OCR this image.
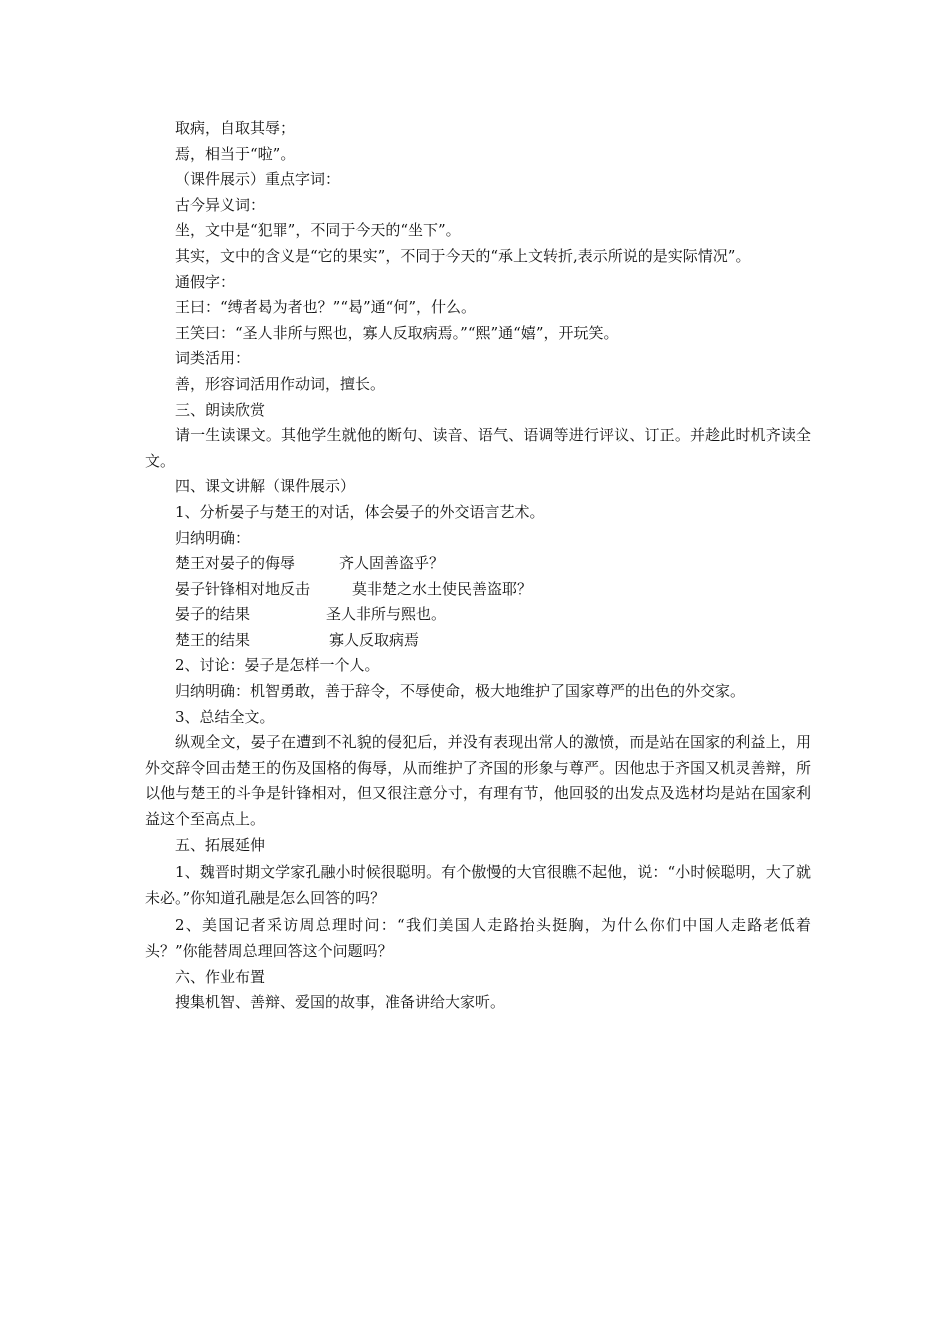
取病，自取其辱；

焉，相当于“啦”。

（课件展示）重点字词：

古今异义词：

坐，文中是“犯罪”，不同于今天的“坐下”。

其实，文中的含义是“它的果实”，不同于今天的“承上文转折,表示所说的是实际情况”。

通假字：

王曰：“缚者曷为者也？”“曷”通“何”，什么。

王笑曰：“圣人非所与熙也，寡人反取病焉。”“熙”通“嬉”，开玩笑。

词类活用：

善，形容词活用作动词，擅长。

三、朗读欣赏

请一生读课文。其他学生就他的断句、读音、语气、语调等进行评议、订正。并趁此时机齐读全文。

四、课文讲解（课件展示）

1、分析晏子与楚王的对话，体会晏子的外交语言艺术。

归纳明确：

楚王对晏子的侮辱	齐人固善盗乎？
晏子针锋相对地反击	莫非楚之水土使民善盗耶？
晏子的结果	圣人非所与熙也。
楚王的结果	寡人反取病焉

2、讨论：晏子是怎样一个人。

归纳明确：机智勇敢，善于辞令，不辱使命，极大地维护了国家尊严的出色的外交家。

3、总结全文。

纵观全文，晏子在遭到不礼貌的侵犯后，并没有表现出常人的激愤，而是站在国家的利益上，用外交辞令回击楚王的伤及国格的侮辱，从而维护了齐国的形象与尊严。因他忠于齐国又机灵善辩，所以他与楚王的斗争是针锋相对，但又很注意分寸，有理有节，他回驳的出发点及选材均是站在国家利益这个至高点上。

五、拓展延伸

1、魏晋时期文学家孔融小时候很聪明。有个傲慢的大官很瞧不起他，说：“小时候聪明，大了就未必。”你知道孔融是怎么回答的吗？

2、美国记者采访周总理时问：“我们美国人走路抬头挺胸，为什么你们中国人走路老低着头？”你能替周总理回答这个问题吗？

六、作业布置

搜集机智、善辩、爱国的故事，准备讲给大家听。
